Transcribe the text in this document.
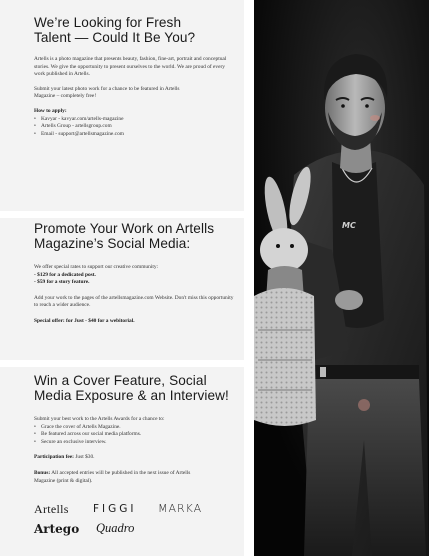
We’re Looking for Fresh
Talent — Could It Be You?

Artells is a photo magazine that presents beauty, fashion, fine-art, portrait and conceptual stories. We give the opportunity to present ourselves to the world. We are proud of every work published in Artells.

Submit your latest photo work for a chance to be featured in Artells Magazine – completely free!

How to apply:

• Kavyar - kavyar.com/artells-magazine
• Artells Group - artellsgroup.com
• Email - support@artellsmagazine.com
Promote Your Work on Artells
Magazine’s Social Media:

We offer special rates to support our creative community:

- $129 for a dedicated post.

- $59 for a story feature.

Add your work to the pages of the artellsmagazine.com Website. Don't miss this opportunity to reach a wider audience.

Special offer: for Just - $40 for a webitorial.

Win a Cover Feature, Social
Media Exposure & an Interview!

Submit your best work to the Artells Awards for a chance to:

• Grace the cover of Artells Magazine.
• Be featured across our social media platforms.
• Secure an exclusive interview.

Participation fee: Just $30.

Bonus: All accepted entries will be published in the next issue of Artells Magazine (print & digital).

Artells FIGGI MARKA
Artego Quadro
MC
